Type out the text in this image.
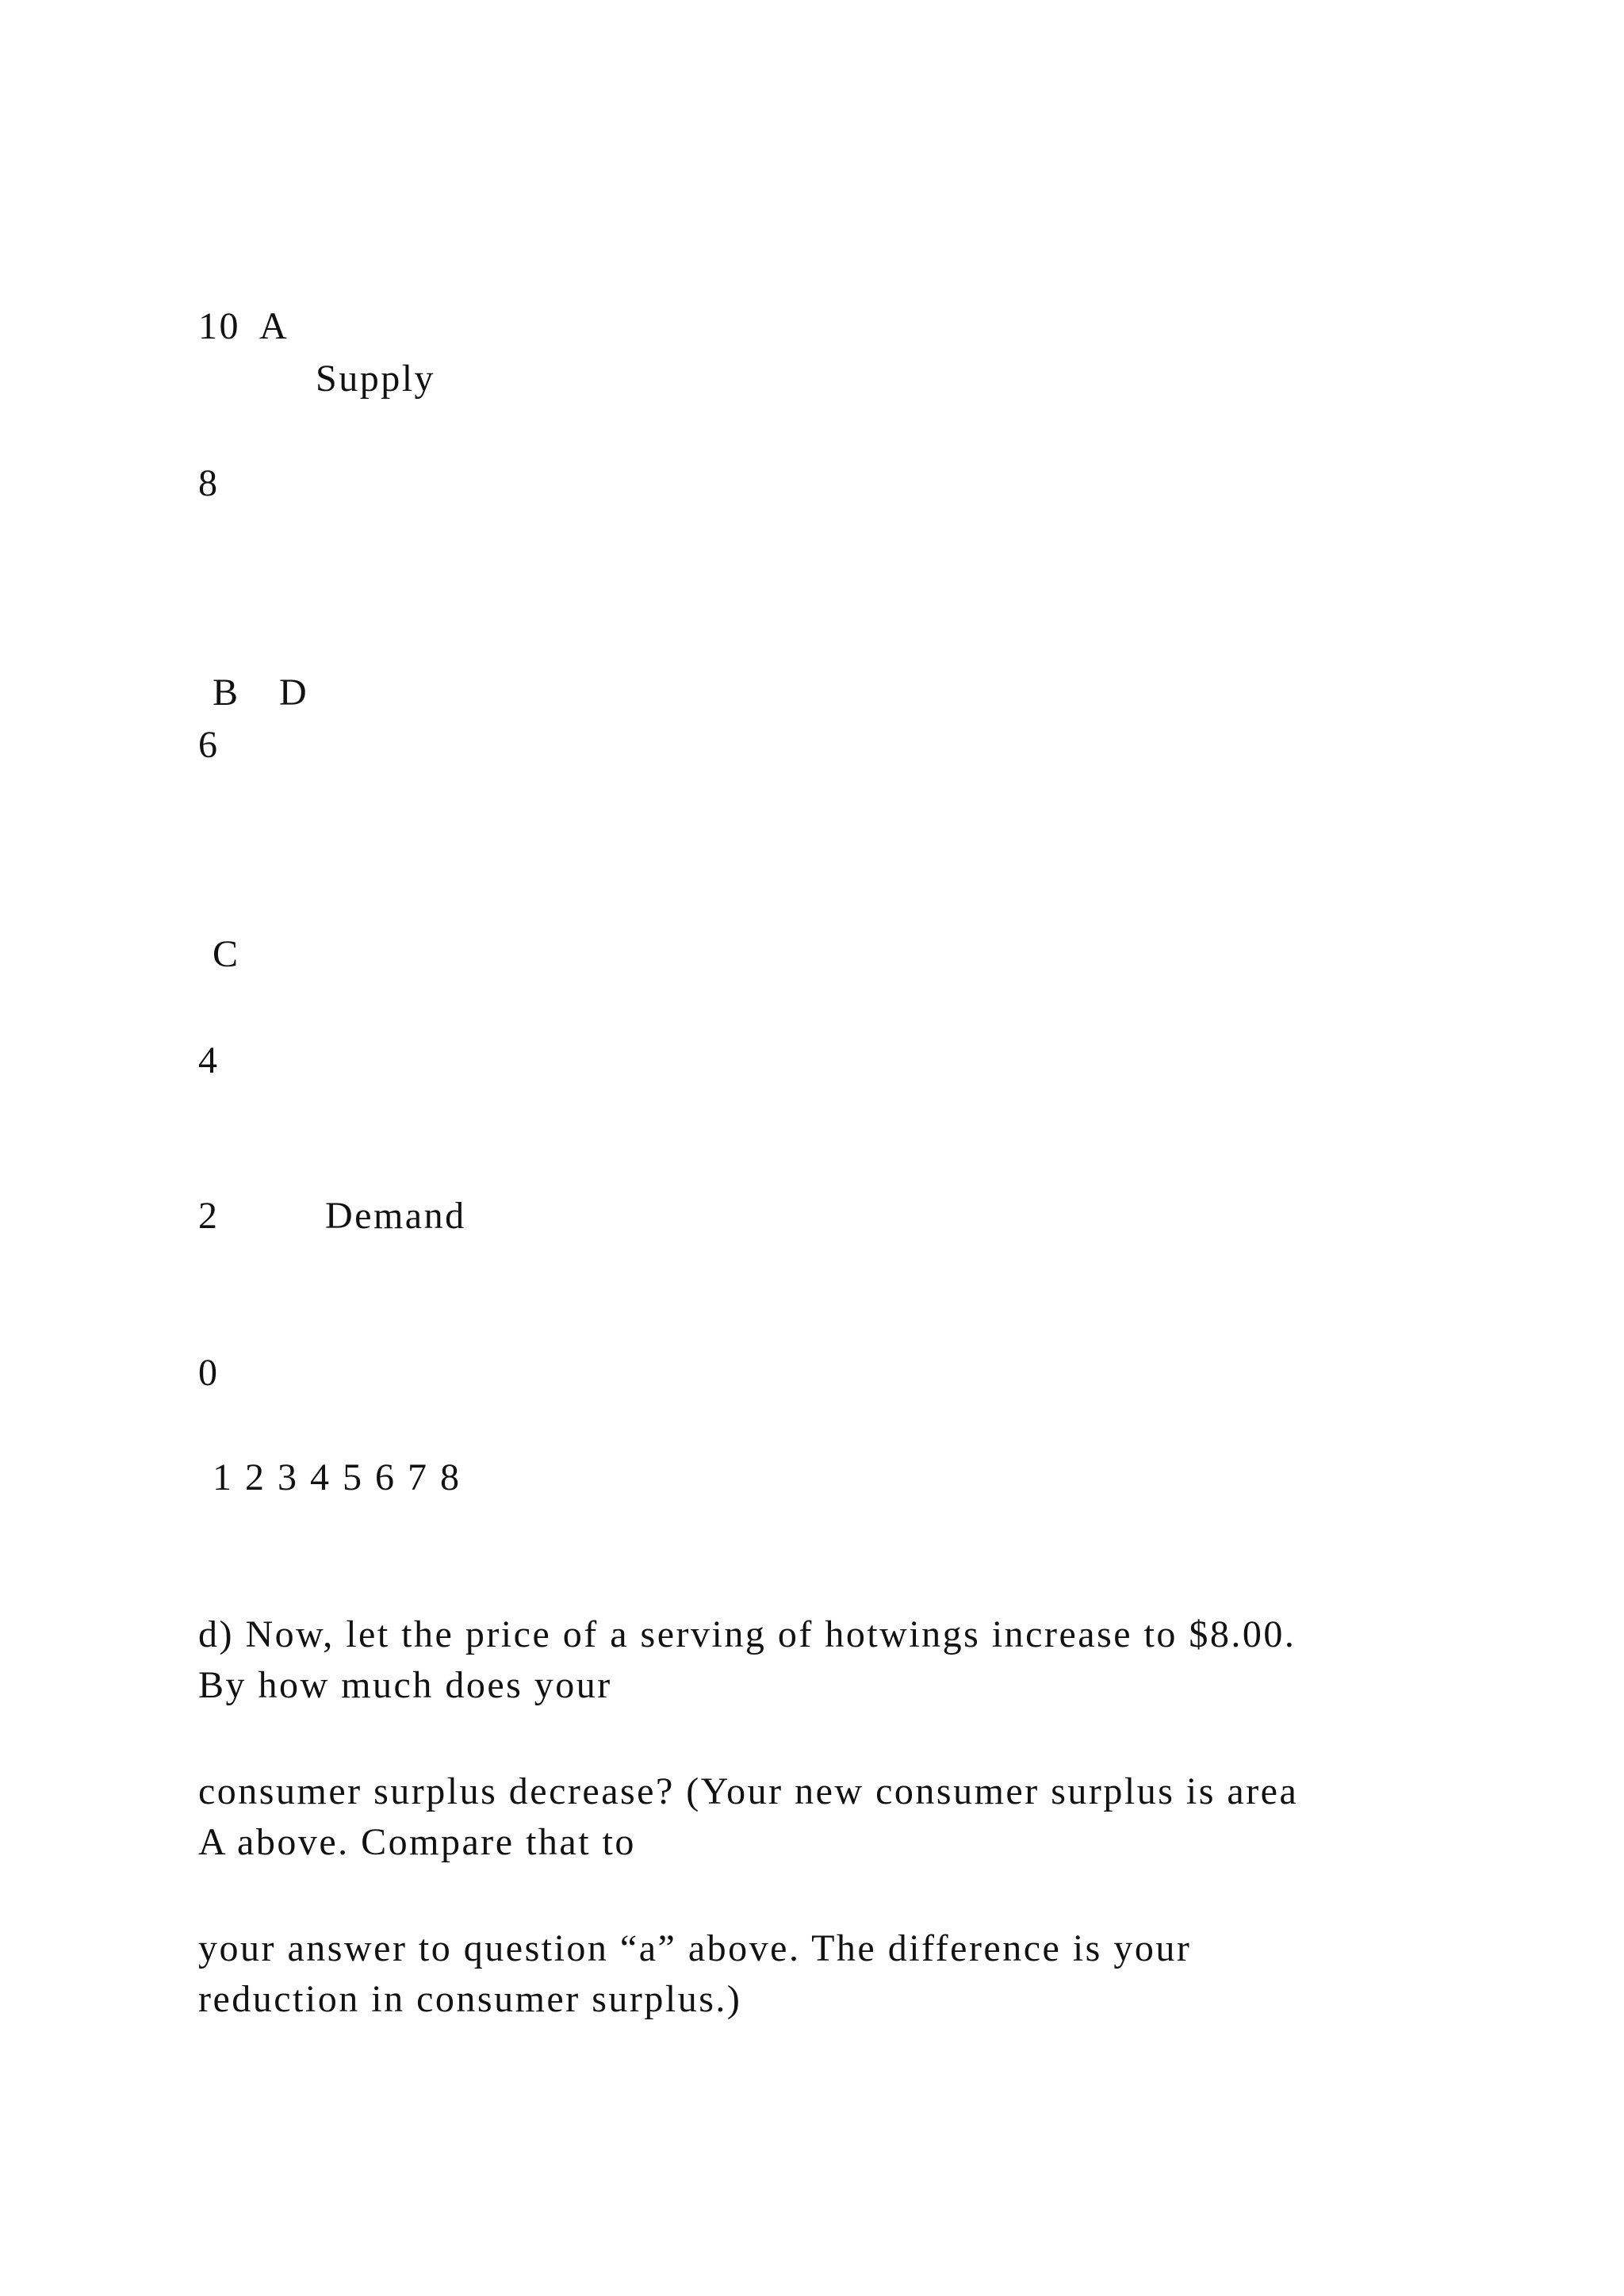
10 A

Supply

8

B D

6

C

4

2	Demand

0

1 2 3 4 5 6 7 8

d) Now, let the price of a serving of hotwings increase to $8.00.
By how much does your

consumer surplus decrease? (Your new consumer surplus is area
A above. Compare that to

your answer to question “a” above. The difference is your
reduction in consumer surplus.)
